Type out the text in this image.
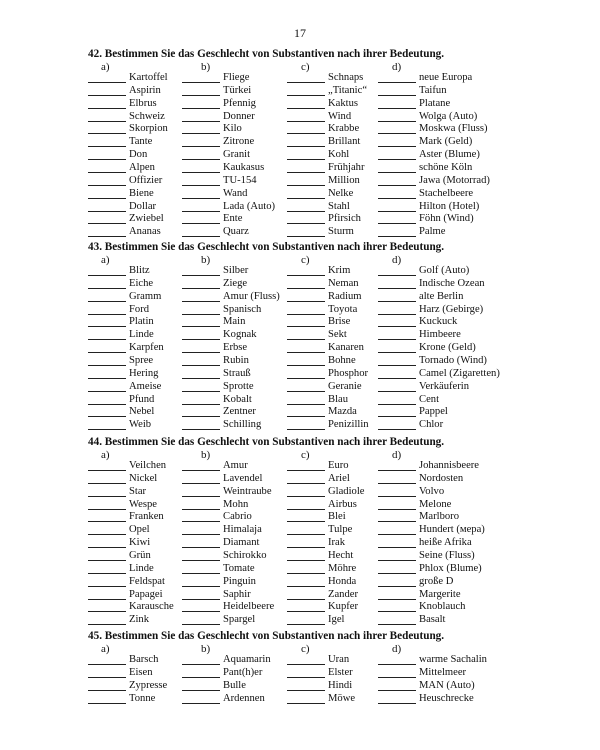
17
42. Bestimmen Sie das Geschlecht von Substantiven nach ihrer Bedeutung.
a)
Kartoffel
Aspirin
Elbrus
Schweiz
Skorpion
Tante
Don
Alpen
Offizier
Biene
Dollar
Zwiebel
Ananas
b)
Fliege
Türkei
Pfennig
Donner
Kilo
Zitrone
Granit
Kaukasus
TU-154
Wand
Lada (Auto)
Ente
Quarz
c)
Schnaps
„Titanic“
Kaktus
Wind
Krabbe
Brillant
Kohl
Frühjahr
Million
Nelke
Stahl
Pfirsich
Sturm
d)
neue Europa
Taifun
Platane
Wolga (Auto)
Moskwa (Fluss)
Mark (Geld)
Aster (Blume)
schöne Köln
Jawa (Motorrad)
Stachelbeere
Hilton (Hotel)
Föhn (Wind)
Palme
43. Bestimmen Sie das Geschlecht von Substantiven nach ihrer Bedeutung.
a)
Blitz
Eiche
Gramm
Ford
Platin
Linde
Karpfen
Spree
Hering
Ameise
Pfund
Nebel
Weib
b)
Silber
Ziege
Amur (Fluss)
Spanisch
Main
Kognak
Erbse
Rubin
Strauß
Sprotte
Kobalt
Zentner
Schilling
c)
Krim
Neman
Radium
Toyota
Brise
Sekt
Kanaren
Bohne
Phosphor
Geranie
Blau
Mazda
Penizillin
d)
Golf (Auto)
Indische Ozean
alte Berlin
Harz (Gebirge)
Kuckuck
Himbeere
Krone (Geld)
Tornado (Wind)
Camel (Zigaretten)
Verkäuferin
Cent
Pappel
Chlor
44. Bestimmen Sie das Geschlecht von Substantiven nach ihrer Bedeutung.
a)
Veilchen
Nickel
Star
Wespe
Franken
Opel
Kiwi
Grün
Linde
Feldspat
Papagei
Karausche
Zink
b)
Amur
Lavendel
Weintraube
Mohn
Cabrio
Himalaja
Diamant
Schirokko
Tomate
Pinguin
Saphir
Heidelbeere
Spargel
c)
Euro
Ariel
Gladiole
Airbus
Blei
Tulpe
Irak
Hecht
Möhre
Honda
Zander
Kupfer
Igel
d)
Johannisbeere
Nordosten
Volvo
Melone
Marlboro
Hundert (мера)
heiße Afrika
Seine (Fluss)
Phlox (Blume)
große D
Margerite
Knoblauch
Basalt
45. Bestimmen Sie das Geschlecht von Substantiven nach ihrer Bedeutung.
a)
Barsch
Eisen
Zypresse
Tonne
b)
Aquamarin
Pant(h)er
Bulle
Ardennen
c)
Uran
Elster
Hindi
Möwe
d)
warme Sachalin
Mittelmeer
MAN (Auto)
Heuschrecke
